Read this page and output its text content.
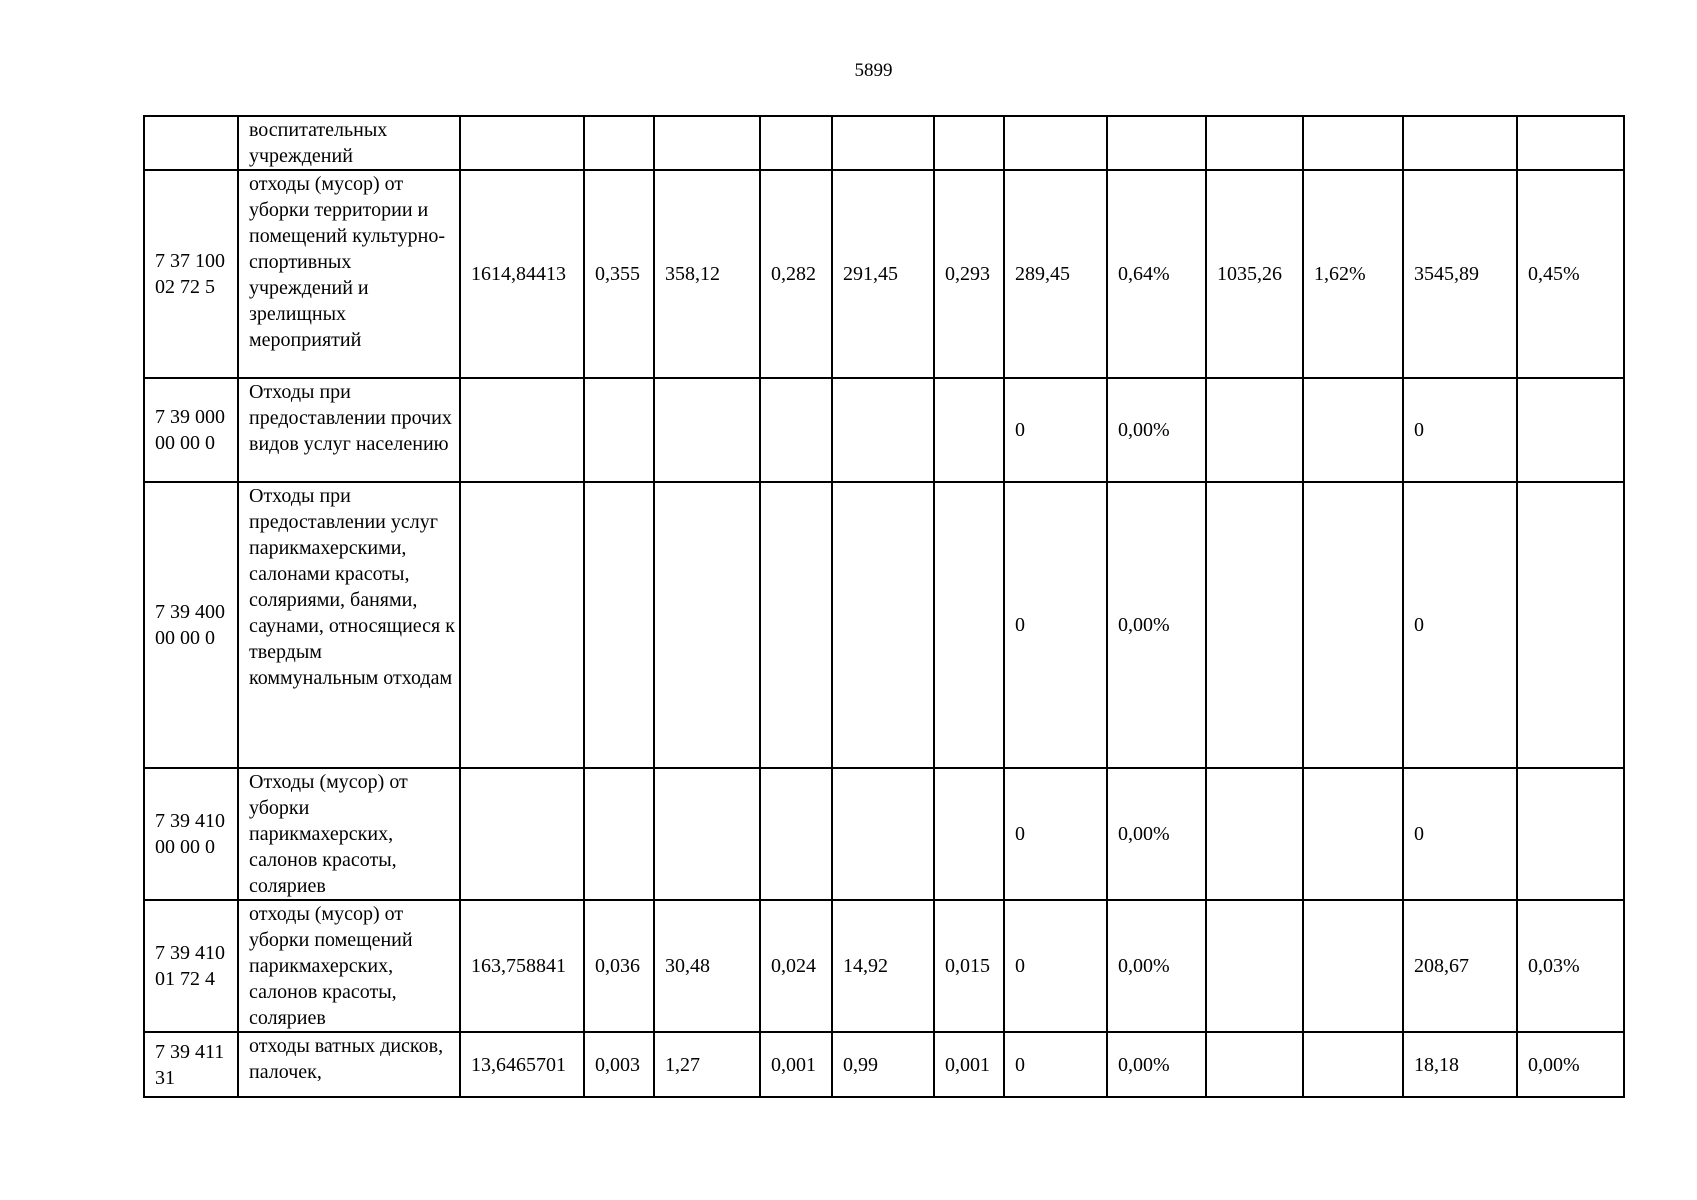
5899
	воспитательных учреждений												
7 37 100 02 72 5	отходы (мусор) от уборки территории и помещений культурно-спортивных учреждений и зрелищных мероприятий	1614,84413	0,355	358,12	0,282	291,45	0,293	289,45	0,64%	1035,26	1,62%	3545,89	0,45%
7 39 000 00 00 0	Отходы при предоставлении прочих видов услуг населению							0	0,00%			0	
7 39 400 00 00 0	Отходы при предоставлении услуг парикмахерскими, салонами красоты, соляриями, банями, саунами, относящиеся к твердым коммунальным отходам							0	0,00%			0	
7 39 410 00 00 0	Отходы (мусор) от уборки парикмахерских, салонов красоты, соляриев							0	0,00%			0	
7 39 410 01 72 4	отходы (мусор) от уборки помещений парикмахерских, салонов красоты, соляриев	163,758841	0,036	30,48	0,024	14,92	0,015	0	0,00%			208,67	0,03%
7 39 411 31	отходы ватных дисков, палочек,	13,6465701	0,003	1,27	0,001	0,99	0,001	0	0,00%			18,18	0,00%
